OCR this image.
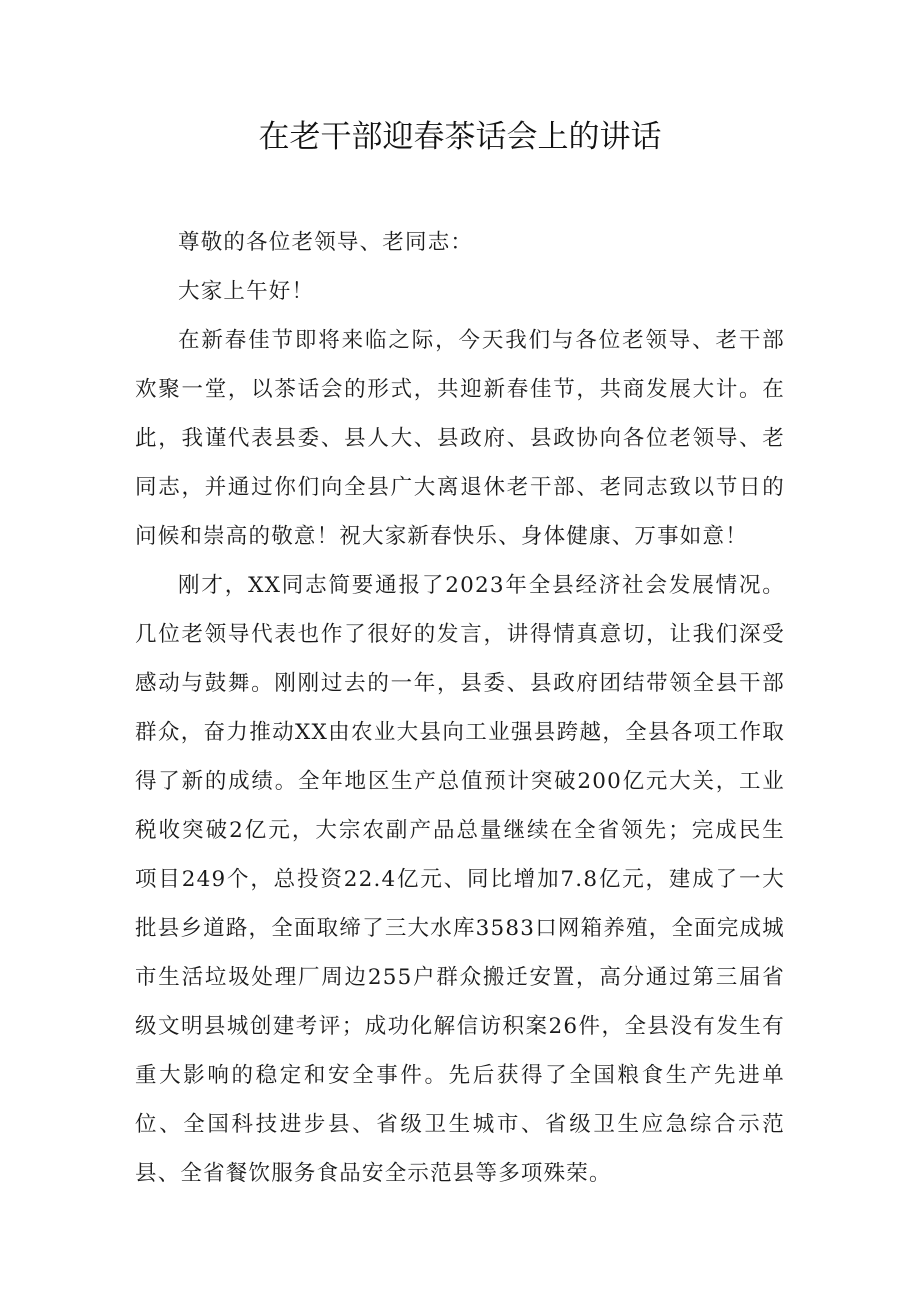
在老干部迎春茶话会上的讲话

尊敬的各位老领导、老同志：

大家上午好！

在新春佳节即将来临之际，今天我们与各位老领导、老干部欢聚一堂，以茶话会的形式，共迎新春佳节，共商发展大计。在此，我谨代表县委、县人大、县政府、县政协向各位老领导、老同志，并通过你们向全县广大离退休老干部、老同志致以节日的问候和崇高的敬意！祝大家新春快乐、身体健康、万事如意！

刚才，XX同志简要通报了2023年全县经济社会发展情况。几位老领导代表也作了很好的发言，讲得情真意切，让我们深受感动与鼓舞。刚刚过去的一年，县委、县政府团结带领全县干部群众，奋力推动XX由农业大县向工业强县跨越，全县各项工作取得了新的成绩。全年地区生产总值预计突破200亿元大关，工业税收突破2亿元，大宗农副产品总量继续在全省领先；完成民生项目249个，总投资22.4亿元、同比增加7.8亿元，建成了一大批县乡道路，全面取缔了三大水库3583口网箱养殖，全面完成城市生活垃圾处理厂周边255户群众搬迁安置，高分通过第三届省级文明县城创建考评；成功化解信访积案26件，全县没有发生有重大影响的稳定和安全事件。先后获得了全国粮食生产先进单位、全国科技进步县、省级卫生城市、省级卫生应急综合示范县、全省餐饮服务食品安全示范县等多项殊荣。
